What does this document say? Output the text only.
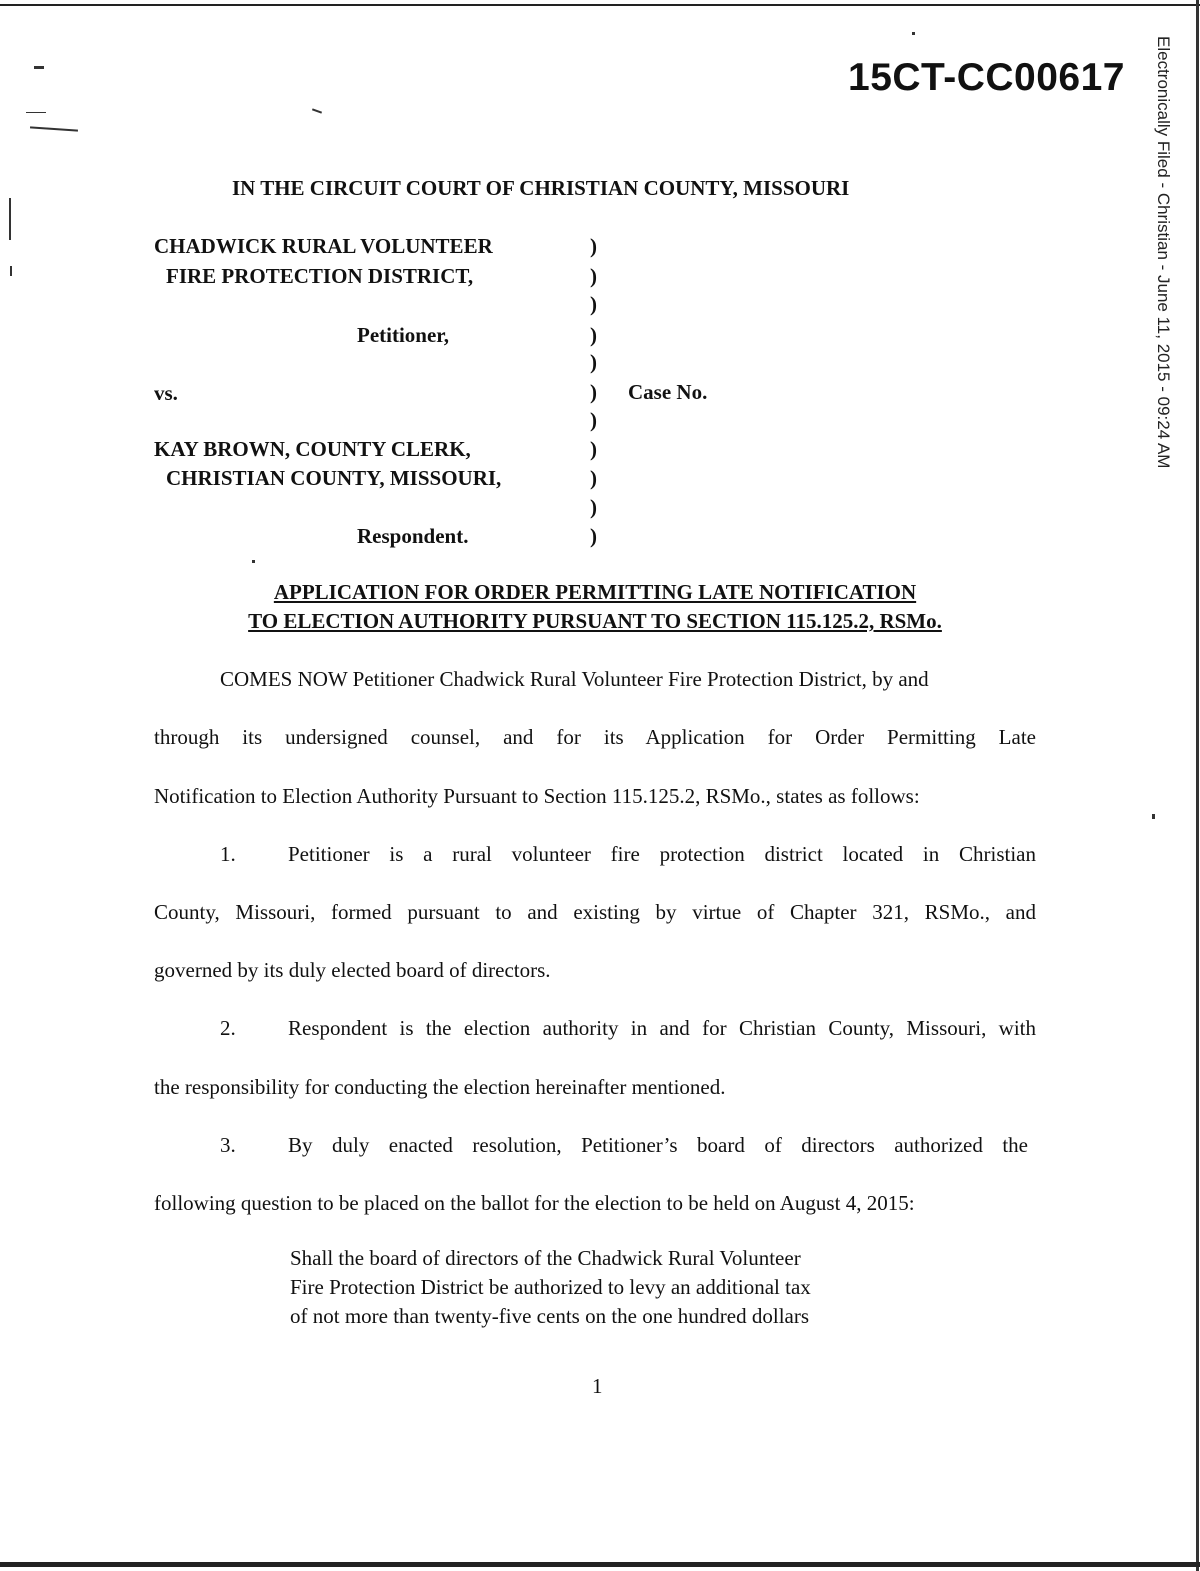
15CT-CC00617 Electronically Filed - Christian - June 11, 2015 - 09:24 AM
IN THE CIRCUIT COURT OF CHRISTIAN COUNTY, MISSOURI
CHADWICK RURAL VOLUNTEER
FIRE PROTECTION DISTRICT,
Petitioner,
vs.	Case No.
KAY BROWN, COUNTY CLERK,
CHRISTIAN COUNTY, MISSOURI,
Respondent.
)
)
)
)
)
)
)
)
)
)
)
APPLICATION FOR ORDER PERMITTING LATE NOTIFICATION
TO ELECTION AUTHORITY PURSUANT TO SECTION 115.125.2, RSMo.
COMES NOW Petitioner Chadwick Rural Volunteer Fire Protection District, by and
through its undersigned counsel, and for its Application for Order Permitting Late
Notification to Election Authority Pursuant to Section 115.125.2, RSMo., states as follows:
1. Petitioner is a rural volunteer fire protection district located in Christian
County, Missouri, formed pursuant to and existing by virtue of Chapter 321, RSMo., and
governed by its duly elected board of directors.
2. Respondent is the election authority in and for Christian County, Missouri, with
the responsibility for conducting the election hereinafter mentioned.
3. By duly enacted resolution, Petitioner’s board of directors authorized the
following question to be placed on the ballot for the election to be held on August 4, 2015:
Shall the board of directors of the Chadwick Rural Volunteer
Fire Protection District be authorized to levy an additional tax
of not more than twenty-five cents on the one hundred dollars
1
